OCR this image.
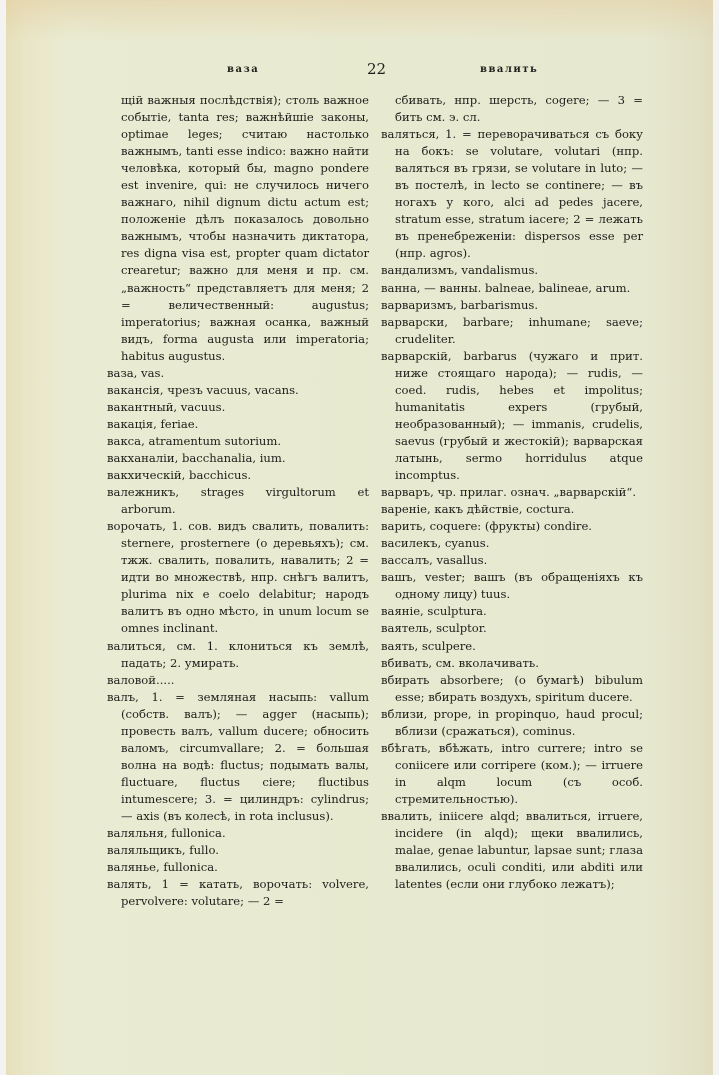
ваза	22	ввалить

щій важныя послѣдствія); столь важное событіе, tanta res; важнѣйшіе законы, optimae leges; считаю настолько важнымъ, tanti esse indico: важно найти человѣка, который бы, magno pondere est invenire, qui: не случилось ничего важнаго, nihil dignum dictu actum est; положеніе дѣлъ показалось довольно важнымъ, чтобы назначить диктатора, res digna visa est, propter quam dictator crearetur; важно для меня и пр. см. „важность“ представляетъ для меня; 2 = величественный: augustus; imperatorius; важная осанка, важный видъ, forma augusta или imperatoria; habitus augustus.

ваза, vas.

вакансія, чрезъ vacuus, vacans.

вакантный, vacuus.

вакація, feriae.

вакса, atramentum sutorium.

вакханаліи, bacchanalia, ium.

вакхическій, bacchicus.

валежникъ, strages virgultorum et arborum.

ворочать, 1. сов. видъ свалить, повалить: sternere, prosternere (о деревьяхъ); см. тжж. свалить, повалить, навалить; 2 = идти во множествѣ, нпр. снѣгъ валитъ, plurima nix e coelo delabitur; народъ валитъ въ одно мѣсто, in unum locum se omnes inclinant.

валиться, см. 1. клониться къ землѣ, падать; 2. умирать.

валовой.....

валъ, 1. = земляная насыпь: vallum (собств. валъ); — agger (насыпь); провесть валъ, vallum ducere; обносить валомъ, circumvallare; 2. = большая волна на водѣ: fluctus; подымать валы, fluctuare, fluctus ciere; fluctibus intumescere; 3. = цилиндръ: cylindrus; — axis (въ колесѣ, in rota inclusus).

валяльня, fullonica.

валяльщикъ, fullo.

валянье, fullonica.

валять, 1 = катать, ворочать: volvere, pervolvere: volutare; — 2 =

сбивать, нпр. шерсть, cogere; — 3 = бить см. э. сл.

валяться, 1. = переворачиваться съ боку на бокъ: se volutare, volutari (нпр. валяться въ грязи, se volutare in luto; — въ постелѣ, in lecto se continere; — въ ногахъ у кого, alci ad pedes jacere, stratum esse, stratum iacere; 2 = лежать въ пренебреженіи: dispersos esse per (нпр. agros).

вандализмъ, vandalismus.

ванна, — ванны. balneae, balineae, arum.

варваризмъ, barbarismus.

варварски, barbare; inhumane; saeve; crudeliter.

варварскій, barbarus (чужаго и прит. ниже стоящаго народа); — rudis, — coed. rudis, hebes et impolitus; humanitatis expers (грубый, необразованный); — immanis, crudelis, saevus (грубый и жестокій); варварская латынь, sermo horridulus atque incomptus.

варваръ, чр. прилаг. означ. „варварскій“.

вареніе, какъ дѣйствіе, coctura.

варить, coquere: (фрукты) condire.

василекъ, cyanus.

вассалъ, vasallus.

вашъ, vester; вашъ (въ обращеніяхъ къ одному лицу) tuus.

ваяніе, sculptura.

ваятель, sculptor.

ваять, sculpere.

вбивать, см. вколачивать.

вбирать absorbere; (о бумагѣ) bibulum esse; вбирать воздухъ, spiritum ducere.

вблизи, prope, in propinquo, haud procul; вблизи (сражаться), cominus.

вбѣгать, вбѣжать, intro currere; intro se coniicere или corripere (ком.); — irruere in alqm locum (съ особ. стремительностью).

ввалить, iniicere alqd; ввалиться, irruere, incidere (in alqd); щеки ввалились, malae, genae labuntur, lapsae sunt; глаза ввалились, oculi conditi, или abditi или latentes (если они глубоко лежатъ);
